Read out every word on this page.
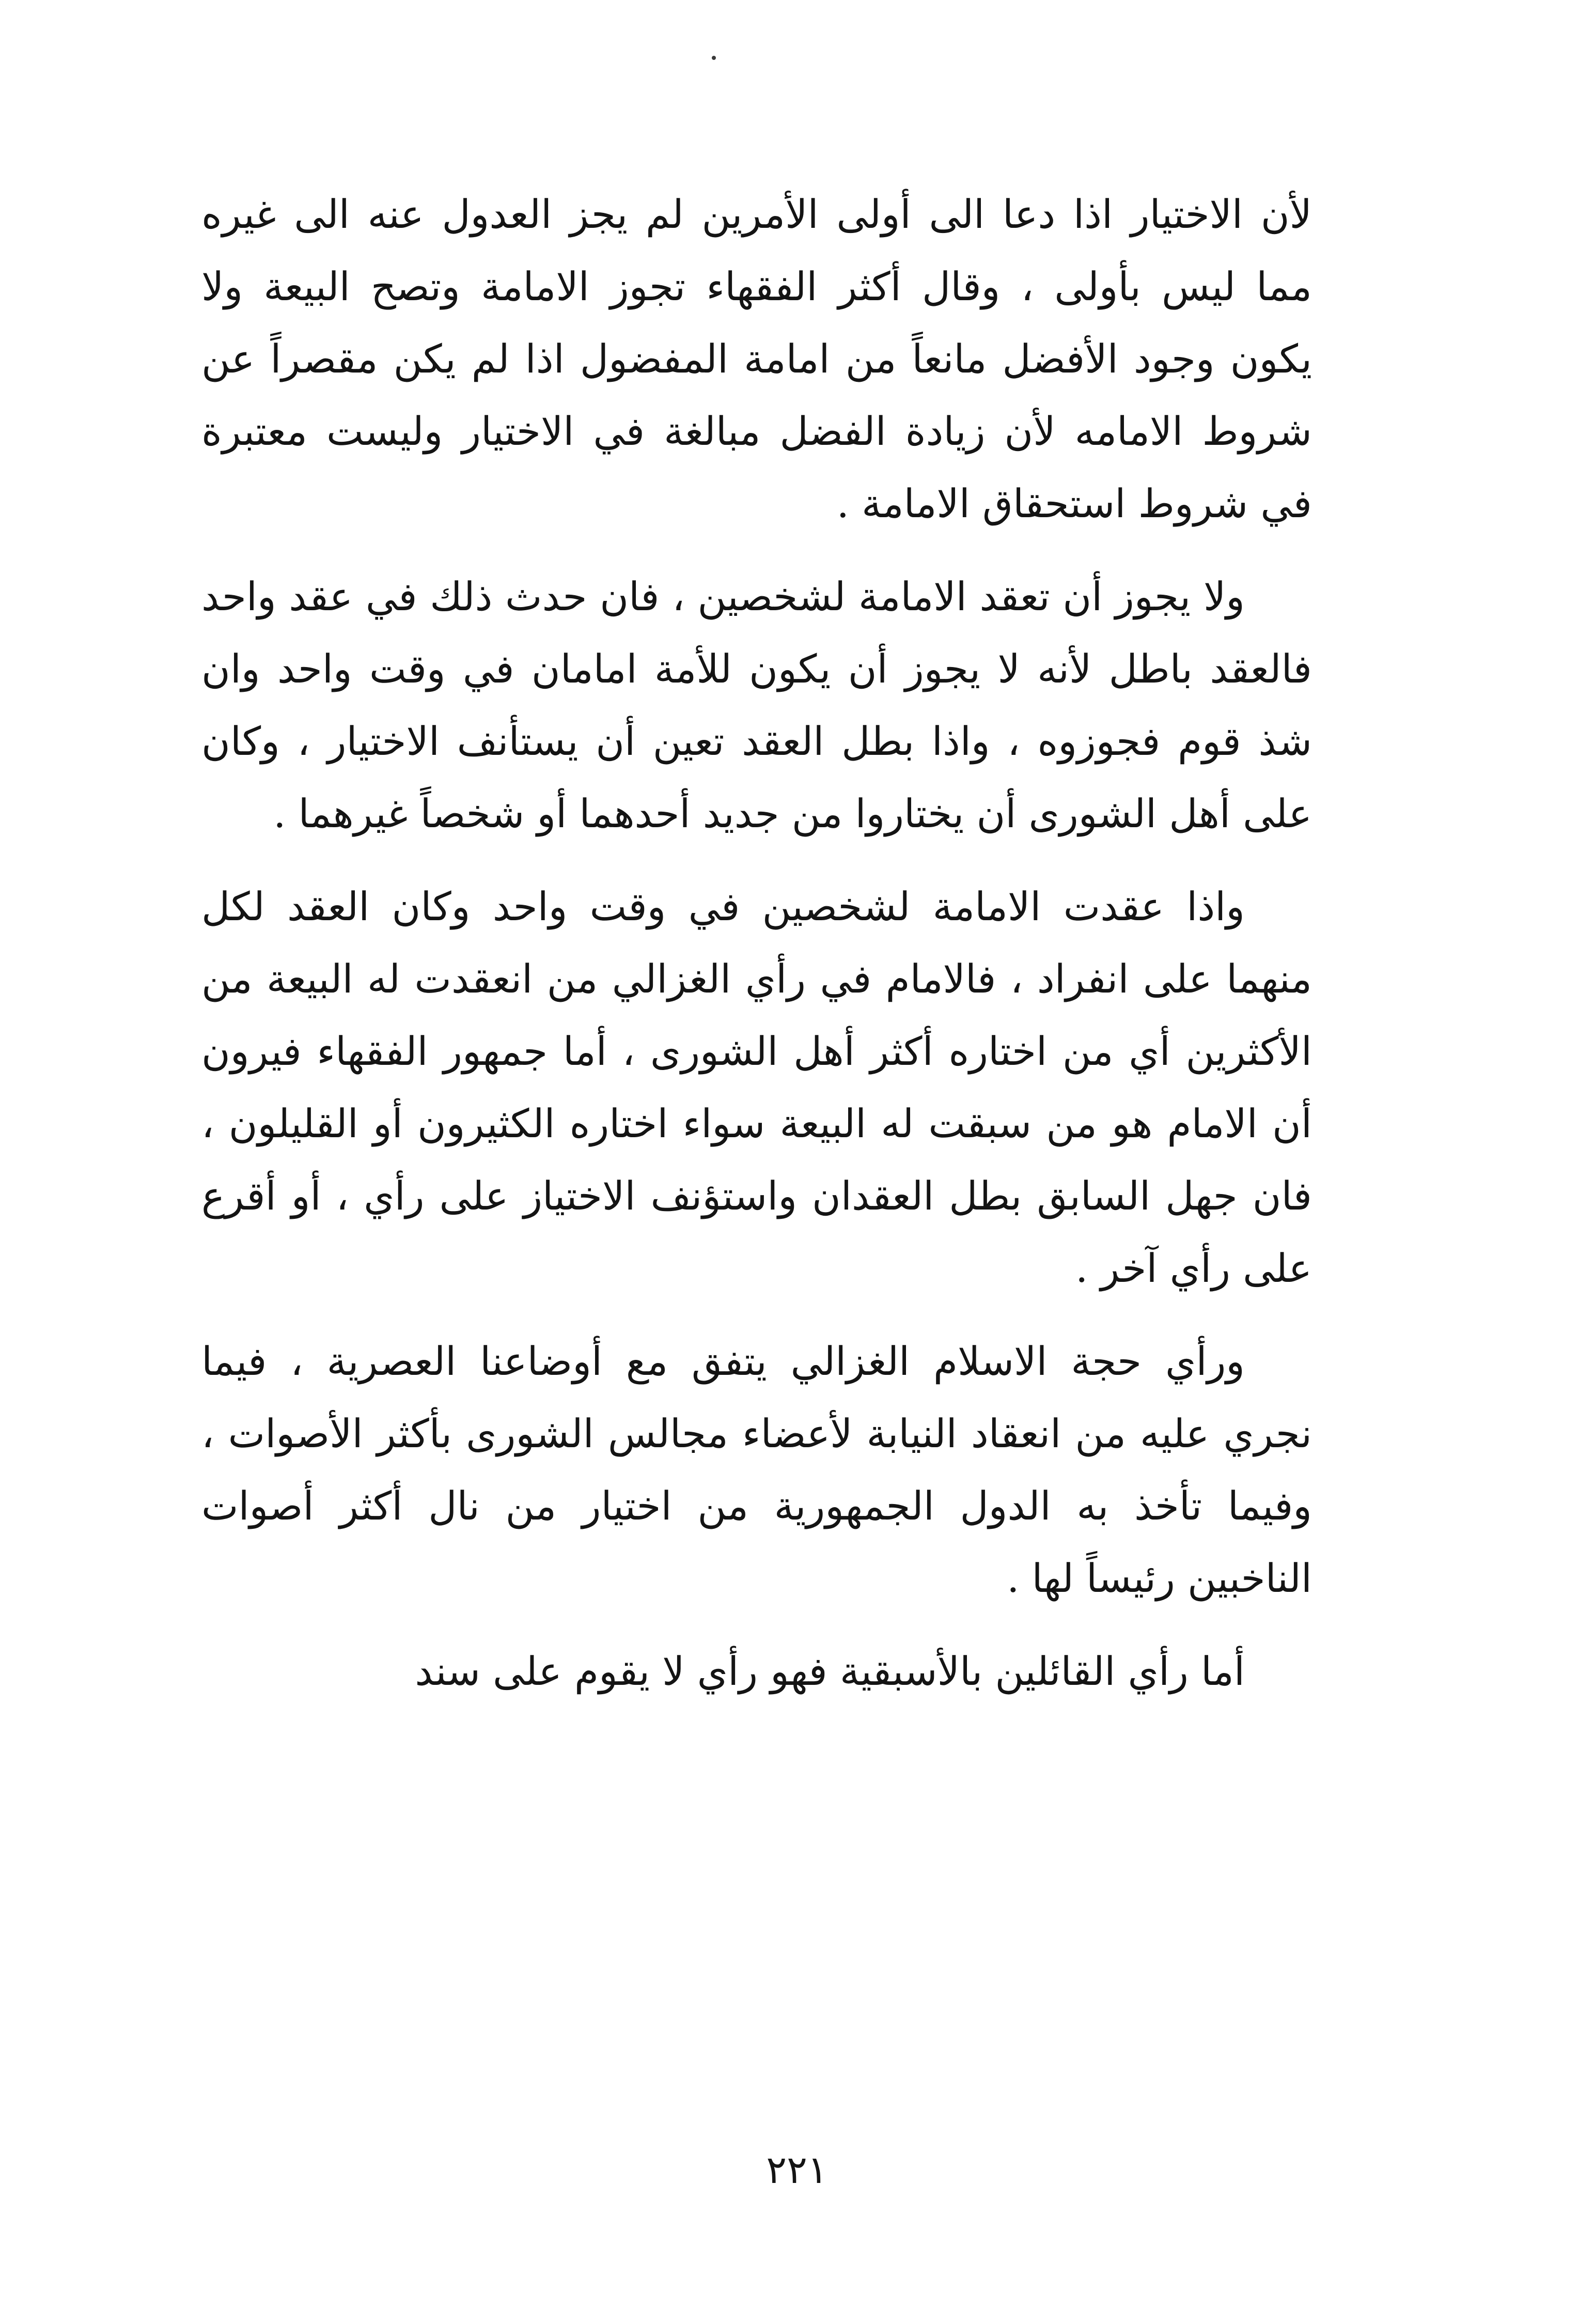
لأن الاختيار اذا دعا الى أولى الأمرين لم يجز العدول عنه الى غيره مما ليس بأولى ، وقال أكثر الفقهاء تجوز الامامة وتصح البيعة ولا يكون وجود الأفضل مانعاً من امامة المفضول اذا لم يكن مقصراً عن شروط الامامه لأن زيادة الفضل مبالغة في الاختيار وليست معتبرة في شروط استحقاق الامامة .

ولا يجوز أن تعقد الامامة لشخصين ، فان حدث ذلك في عقد واحد فالعقد باطل لأنه لا يجوز أن يكون للأمة امامان في وقت واحد وان شذ قوم فجوزوه ، واذا بطل العقد تعين أن يستأنف الاختيار ، وكان على أهل الشورى أن يختاروا من جديد أحدهما أو شخصاً غيرهما .

واذا عقدت الامامة لشخصين في وقت واحد وكان العقد لكل منهما على انفراد ، فالامام في رأي الغزالي من انعقدت له البيعة من الأكثرين أي من اختاره أكثر أهل الشورى ، أما جمهور الفقهاء فيرون أن الامام هو من سبقت له البيعة سواء اختاره الكثيرون أو القليلون ، فان جهل السابق بطل العقدان واستؤنف الاختياز على رأي ، أو أقرع على رأي آخر .

ورأي حجة الاسلام الغزالي يتفق مع أوضاعنا العصرية ، فيما نجري عليه من انعقاد النيابة لأعضاء مجالس الشورى بأكثر الأصوات ، وفيما تأخذ به الدول الجمهورية من اختيار من نال أكثر أصوات الناخبين رئيساً لها .

أما رأي القائلين بالأسبقية فهو رأي لا يقوم على سند

٢٢١
